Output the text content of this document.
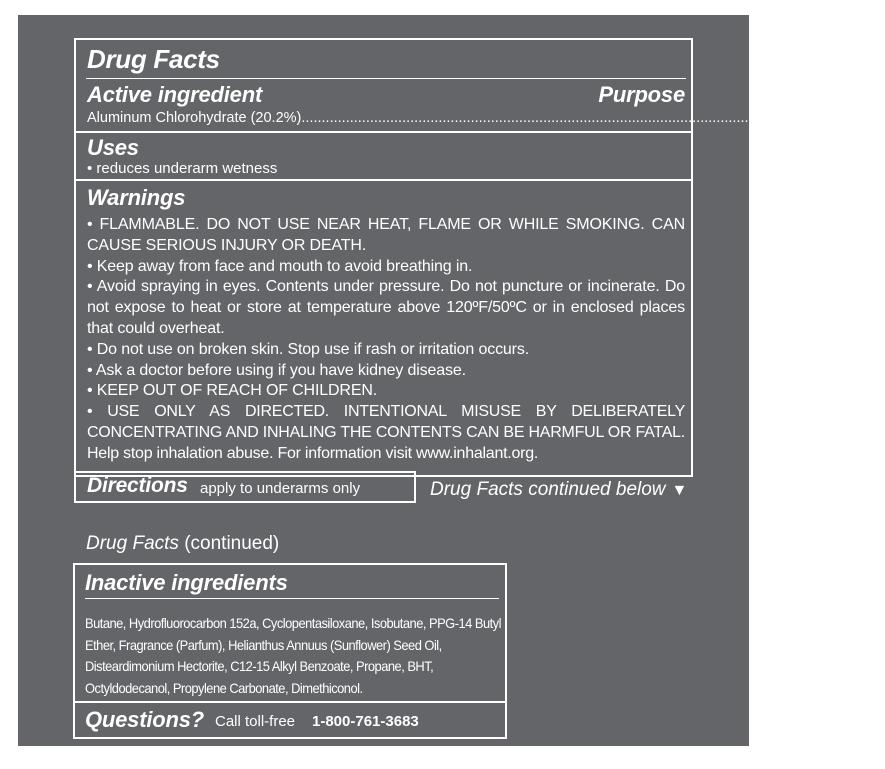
Drug Facts
Active ingredient	Purpose
Aluminum Chlorohydrate (20.2%) .......................................................................................................................... antiperspirant
Uses
• reduces underarm wetness
Warnings

• FLAMMABLE. DO NOT USE NEAR HEAT, FLAME OR WHILE SMOKING. CAN CAUSE SERIOUS INJURY OR DEATH.

• Keep away from face and mouth to avoid breathing in.

• Avoid spraying in eyes. Contents under pressure. Do not puncture or incinerate. Do not expose to heat or store at temperature above 120ºF/50ºC or in enclosed places that could overheat.

• Do not use on broken skin. Stop use if rash or irritation occurs.

• Ask a doctor before using if you have kidney disease.

• KEEP OUT OF REACH OF CHILDREN.

• USE ONLY AS DIRECTED. INTENTIONAL MISUSE BY DELIBERATELY CONCENTRATING AND INHALING THE CONTENTS CAN BE HARMFUL OR FATAL. Help stop inhalation abuse. For information visit www.inhalant.org.

Directions apply to underarms only	Drug Facts continued below ▼
Drug Facts (continued)
Inactive ingredients
Butane, Hydrofluorocarbon 152a, Cyclopentasiloxane, Isobutane, PPG-14 Butyl Ether, Fragrance (Parfum), Helianthus Annuus (Sunflower) Seed Oil, Disteardimonium Hectorite, C12-15 Alkyl Benzoate, Propane, BHT, Octyldodecanol, Propylene Carbonate, Dimethiconol.
Questions? Call toll-free 1-800-761-3683
